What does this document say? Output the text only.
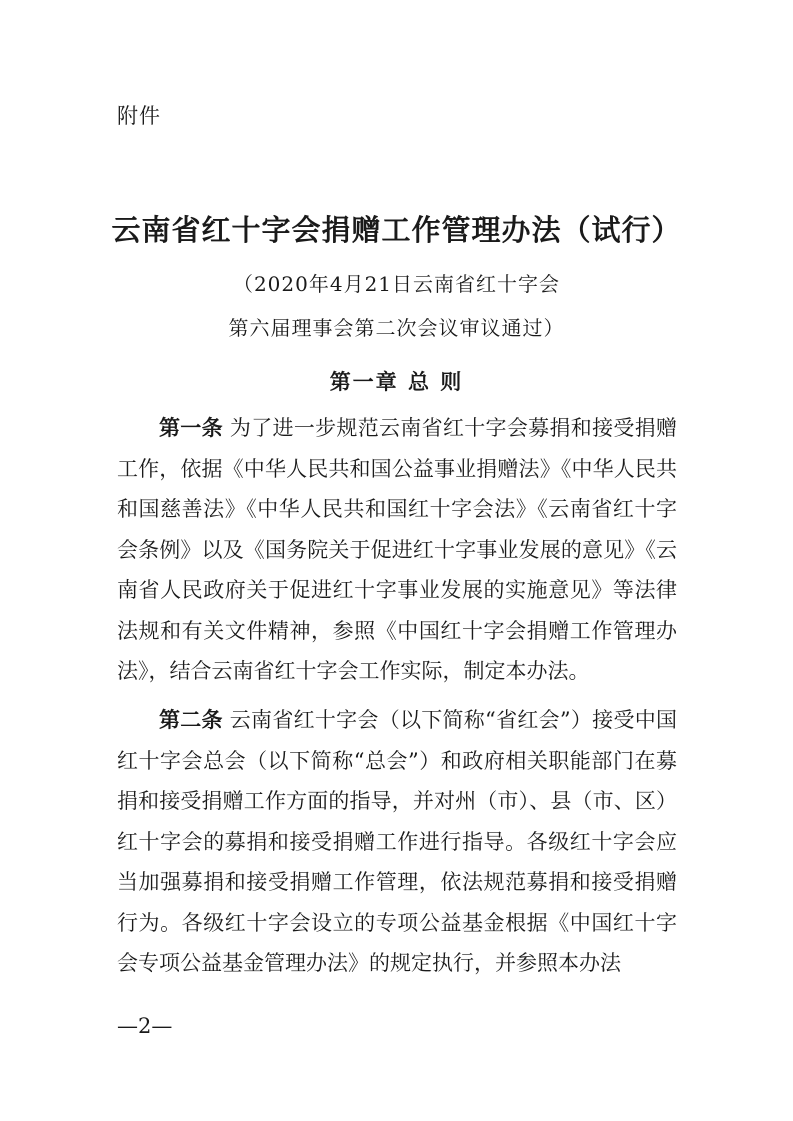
附件
云南省红十字会捐赠工作管理办法（试行）
（2020年4月21日云南省红十字会
第六届理事会第二次会议审议通过）
第一章 总 则

第一条 为了进一步规范云南省红十字会募捐和接受捐赠工作，依据《中华人民共和国公益事业捐赠法》《中华人民共和国慈善法》《中华人民共和国红十字会法》《云南省红十字会条例》以及《国务院关于促进红十字事业发展的意见》《云南省人民政府关于促进红十字事业发展的实施意见》等法律法规和有关文件精神，参照《中国红十字会捐赠工作管理办法》，结合云南省红十字会工作实际，制定本办法。

第二条 云南省红十字会（以下简称“省红会”）接受中国红十字会总会（以下简称“总会”）和政府相关职能部门在募捐和接受捐赠工作方面的指导，并对州（市）、县（市、区）红十字会的募捐和接受捐赠工作进行指导。各级红十字会应当加强募捐和接受捐赠工作管理，依法规范募捐和接受捐赠行为。各级红十字会设立的专项公益基金根据《中国红十字会专项公益基金管理办法》的规定执行，并参照本办法

—2—
